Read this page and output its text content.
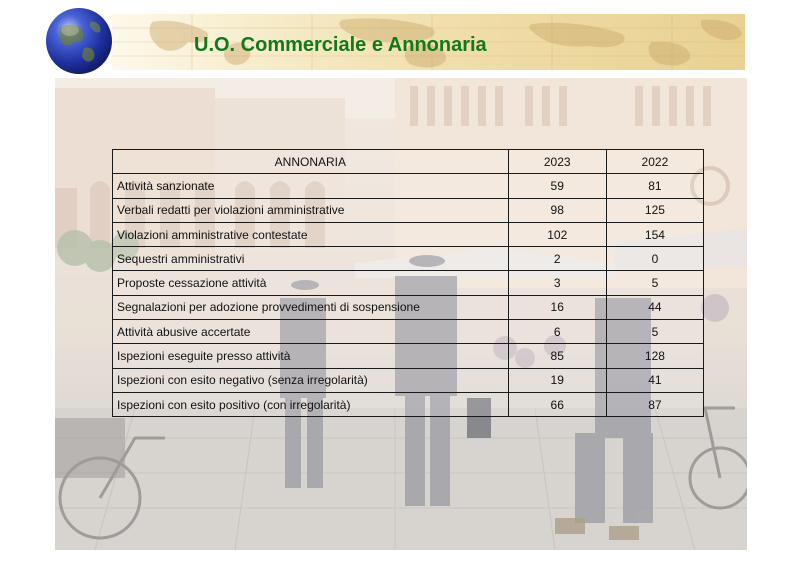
U.O. Commerciale e Annonaria
ANNONARIA	2023	2022
Attività sanzionate	59	81
Verbali redatti per violazioni amministrative	98	125
Violazioni amministrative contestate	102	154
Sequestri amministrativi	2	0
Proposte cessazione attività	3	5
Segnalazioni per adozione provvedimenti di sospensione	16	44
Attività abusive accertate	6	5
Ispezioni eseguite presso attività	85	128
Ispezioni con esito negativo (senza irregolarità)	19	41
Ispezioni con esito positivo (con irregolarità)	66	87
